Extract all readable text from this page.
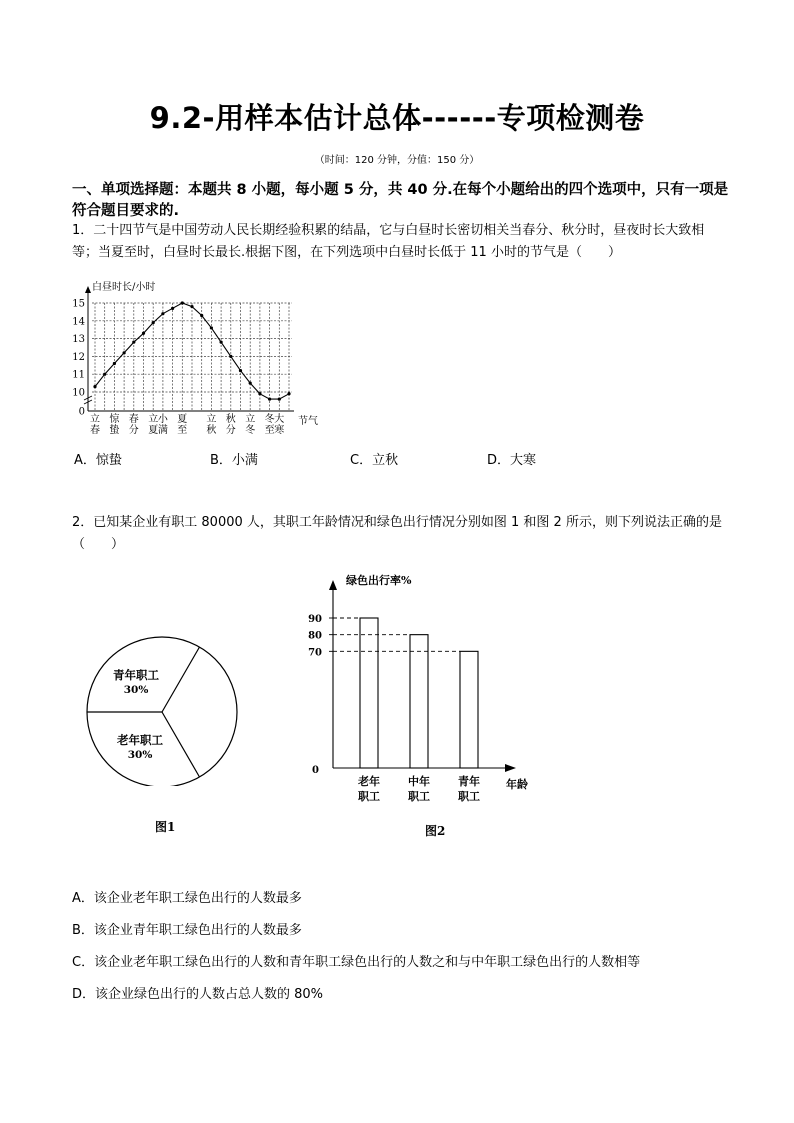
9.2-用样本估计总体------专项检测卷
（时间：120 分钟，分值：150 分）
一、单项选择题：本题共 8 小题，每小题 5 分，共 40 分.在每个小题给出的四个选项中，只有一项是符合题目要求的.
1．二十四节气是中国劳动人民长期经验积累的结晶，它与白昼时长密切相关当春分、秋分时，昼夜时长大致相等；当夏至时，白昼时长最长.根据下图，在下列选项中白昼时长低于 11 小时的节气是（　　）
白昼时长/小时
15
14
13
12
11
10
0
立
春
惊
蛰
春
分
立
夏
小
满
夏
至
立
秋
秋
分
立
冬
冬
至
大
寒
节气
A．惊蛰	B．小满	C．立秋	D．大寒
2．已知某企业有职工 80000 人，其职工年龄情况和绿色出行情况分别如图 1 和图 2 所示，则下列说法正确的是（　　）
青年职工
30%
老年职工
30%
图1
绿色出行率%
0
年龄
90
老年
职工
80
中年
职工
70
青年
职工
图2
A．该企业老年职工绿色出行的人数最多
B．该企业青年职工绿色出行的人数最多
C．该企业老年职工绿色出行的人数和青年职工绿色出行的人数之和与中年职工绿色出行的人数相等
D．该企业绿色出行的人数占总人数的 80%
